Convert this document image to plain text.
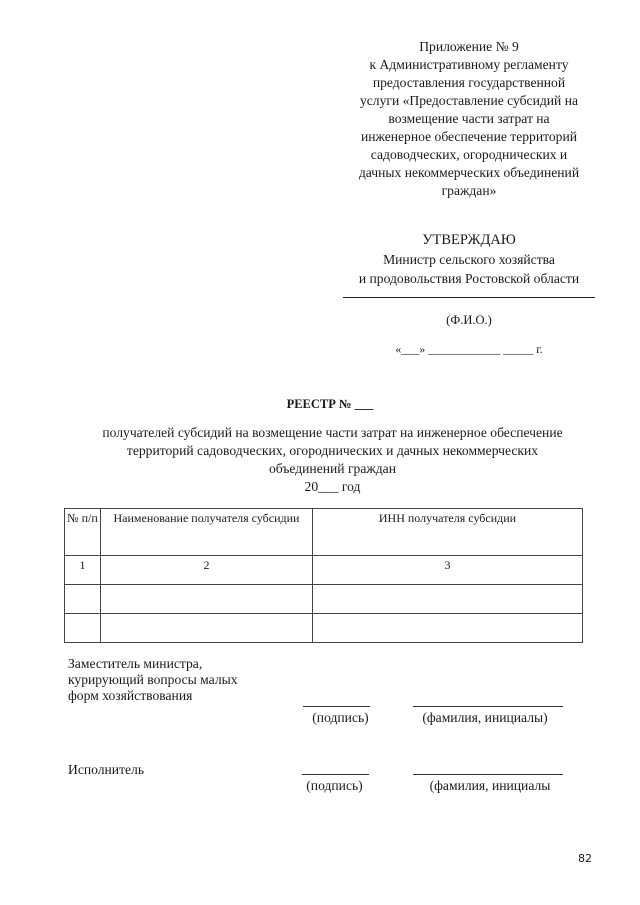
Приложение № 9
к Административному регламенту
предоставления государственной
услуги «Предоставление субсидий на
возмещение части затрат на
инженерное обеспечение территорий
садоводческих, огороднических и
дачных некоммерческих объединений
граждан»
УТВЕРЖДАЮ
Министр сельского хозяйства
и продовольствия Ростовской области
(Ф.И.О.)
«___» ____________ _____ г.
РЕЕСТР № ___
получателей субсидий на возмещение части затрат на инженерное обеспечение
территорий садоводческих, огороднических и дачных некоммерческих
объединений граждан
20___ год
№ п/п	Наименование получателя субсидии	ИНН получателя субсидии
1	2	3

Заместитель министра,
курирующий вопросы малых
форм хозяйствования
(подпись)	(фамилия, инициалы)
Исполнитель
(подпись)	(фамилия, инициалы
82
